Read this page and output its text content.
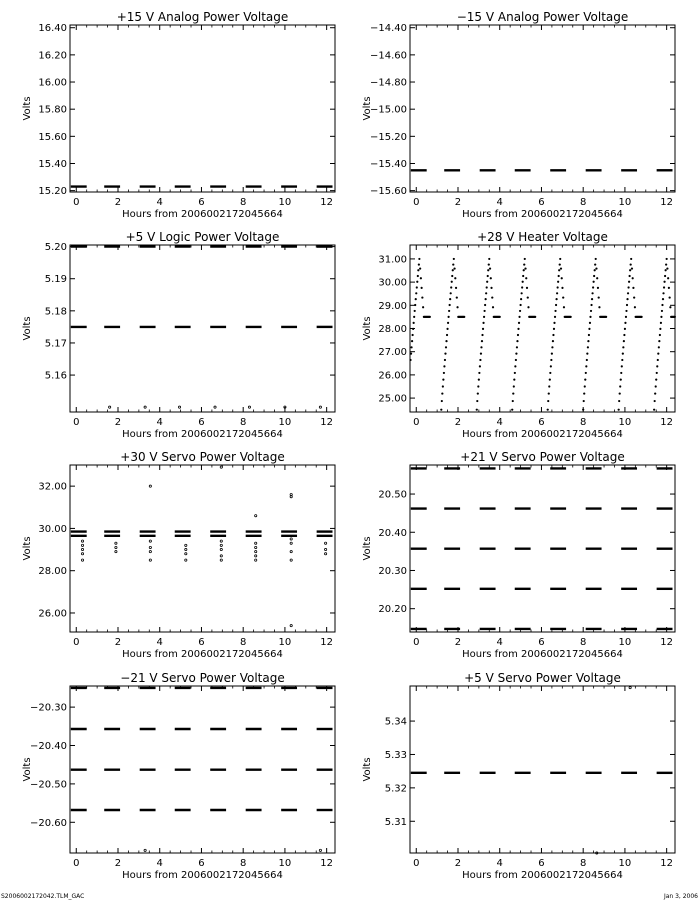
+15 V Analog Power Voltage
0	2	4	6	8	10	12
15.20
15.40
15.60
15.80
16.00
16.20
16.40
Hours from 2006002172045664
Volts
−15 V Analog Power Voltage
0	2	4	6	8	10	12
−15.60
−15.40
−15.20
−15.00
−14.80
−14.60
−14.40
Hours from 2006002172045664
Volts
+5 V Logic Power Voltage
0	2	4	6	8	10	12
5.16
5.17
5.18
5.19
5.20
Hours from 2006002172045664
Volts
+28 V Heater Voltage
0	2	4	6	8	10	12
25.00
26.00
27.00
28.00
29.00
30.00
31.00
Hours from 2006002172045664
Volts
+30 V Servo Power Voltage
0	2	4	6	8	10	12
26.00
28.00
30.00
32.00
Hours from 2006002172045664
Volts
+21 V Servo Power Voltage
0	2	4	6	8	10	12
20.20
20.30
20.40
20.50
Hours from 2006002172045664
Volts
−21 V Servo Power Voltage
0	2	4	6	8	10	12
−20.60
−20.50
−20.40
−20.30
Hours from 2006002172045664
Volts
+5 V Servo Power Voltage
0	2	4	6	8	10	12
5.31
5.32
5.33
5.34
Hours from 2006002172045664
Volts
S2006002172042.TLM_GAC	Jan 3, 2006
